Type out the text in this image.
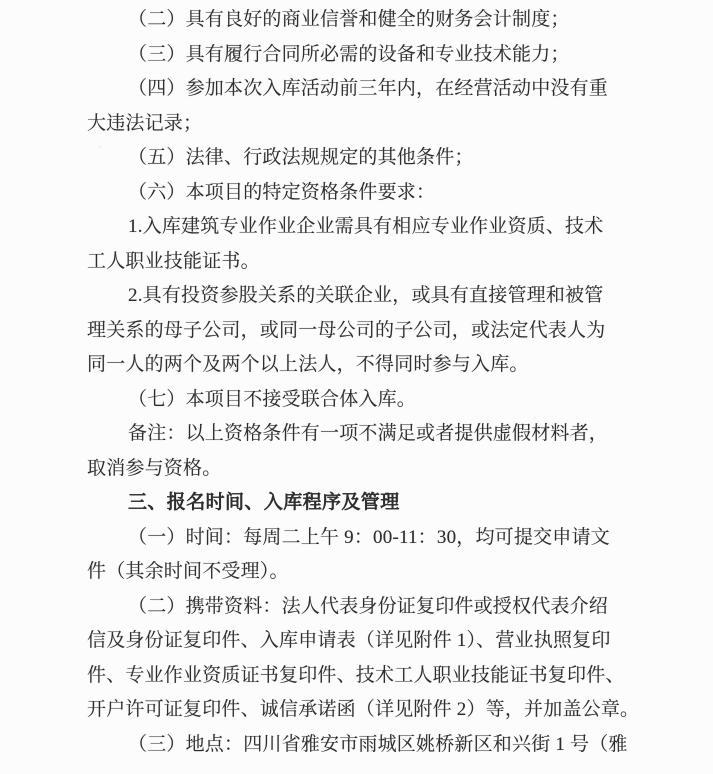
（二）具有良好的商业信誉和健全的财务会计制度；
（三）具有履行合同所必需的设备和专业技术能力；
（四）参加本次入库活动前三年内，在经营活动中没有重
大违法记录；
（五）法律、行政法规规定的其他条件；
（六）本项目的特定资格条件要求：
1.入库建筑专业作业企业需具有相应专业作业资质、技术
工人职业技能证书。
2.具有投资参股关系的关联企业，或具有直接管理和被管
理关系的母子公司，或同一母公司的子公司，或法定代表人为
同一人的两个及两个以上法人，不得同时参与入库。
（七）本项目不接受联合体入库。
备注：以上资格条件有一项不满足或者提供虚假材料者，
取消参与资格。
三、报名时间、入库程序及管理
（一）时间：每周二上午 9：00-11：30，均可提交申请文
件（其余时间不受理）。
（二）携带资料：法人代表身份证复印件或授权代表介绍
信及身份证复印件、入库申请表（详见附件 1）、营业执照复印
件、专业作业资质证书复印件、技术工人职业技能证书复印件、
开户许可证复印件、诚信承诺函（详见附件 2）等，并加盖公章。
（三）地点：四川省雅安市雨城区姚桥新区和兴街 1 号（雅
